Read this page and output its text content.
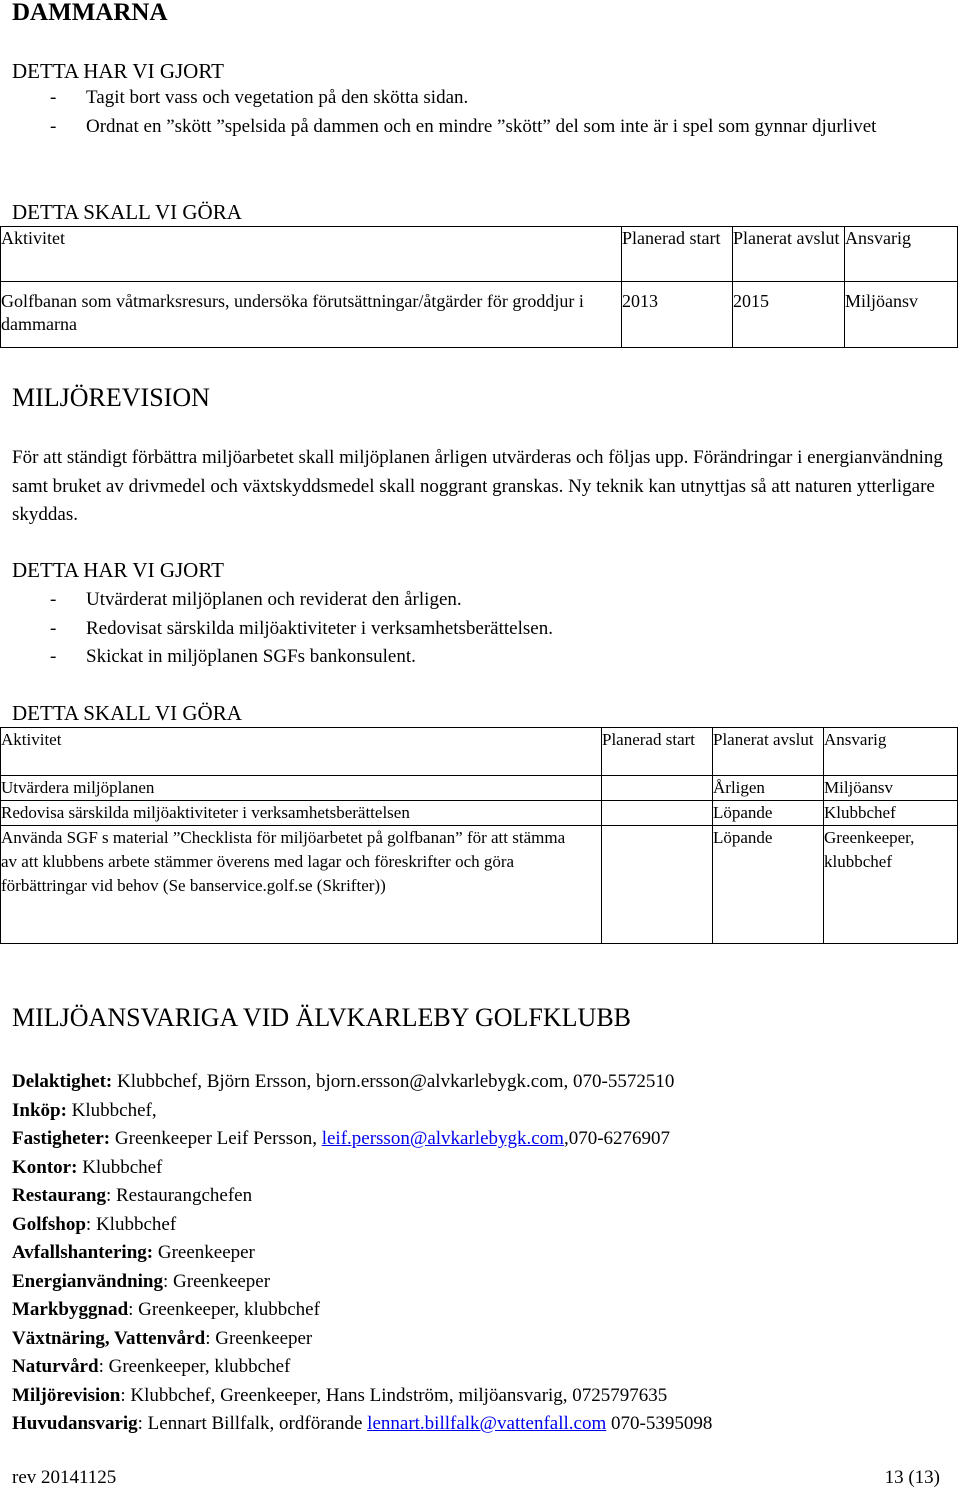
DAMMARNA
DETTA HAR VI GJORT
- Tagit bort vass och vegetation på den skötta sidan.
- Ordnat en ”skött ”spelsida på dammen och en mindre ”skött” del som inte är i spel som gynnar djurlivet
DETTA SKALL VI GÖRA
Aktivitet	Planerad start	Planerat avslut	Ansvarig
Golfbanan som våtmarksresurs, undersöka förutsättningar/åtgärder för groddjur i dammarna	2013	2015	Miljöansv
MILJÖREVISION
För att ständigt förbättra miljöarbetet skall miljöplanen årligen utvärderas och följas upp. Förändringar i energianvändning samt bruket av drivmedel och växtskyddsmedel skall noggrant granskas. Ny teknik kan utnyttjas så att naturen ytterligare skyddas.
DETTA HAR VI GJORT
- Utvärderat miljöplanen och reviderat den årligen.
- Redovisat särskilda miljöaktiviteter i verksamhetsberättelsen.
- Skickat in miljöplanen SGFs bankonsulent.
DETTA SKALL VI GÖRA
Aktivitet	Planerad start	Planerat avslut	Ansvarig
Utvärdera miljöplanen		Årligen	Miljöansv
Redovisa särskilda miljöaktiviteter i verksamhetsberättelsen		Löpande	Klubbchef
Använda SGF s material ”Checklista för miljöarbetet på golfbanan” för att stämma av att klubbens arbete stämmer överens med lagar och föreskrifter och göra förbättringar vid behov (Se banservice.golf.se (Skrifter))		Löpande	Greenkeeper, klubbchef
MILJÖANSVARIGA VID ÄLVKARLEBY GOLFKLUBB
Delaktighet: Klubbchef, Björn Ersson, bjorn.ersson@alvkarlebygk.com, 070-5572510
Inköp: Klubbchef,
Fastigheter: Greenkeeper Leif Persson, leif.persson@alvkarlebygk.com,070-6276907
Kontor: Klubbchef
Restaurang: Restaurangchefen
Golfshop: Klubbchef
Avfallshantering: Greenkeeper
Energianvändning: Greenkeeper
Markbyggnad: Greenkeeper, klubbchef
Växtnäring, Vattenvård: Greenkeeper
Naturvård: Greenkeeper, klubbchef
Miljörevision: Klubbchef, Greenkeeper, Hans Lindström, miljöansvarig, 0725797635
Huvudansvarig: Lennart Billfalk, ordförande lennart.billfalk@vattenfall.com 070-5395098
rev 20141125	13 (13)
